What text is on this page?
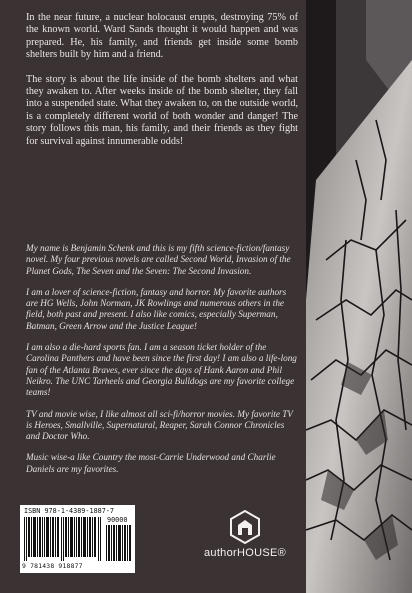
In the near future, a nuclear holocaust erupts, destroying 75% of the known world. Ward Sands thought it would happen and was prepared. He, his family, and friends get inside some bomb shelters built by him and a friend.

The story is about the life inside of the bomb shelters and what they awaken to. After weeks inside of the bomb shelter, they fall into a suspended state. What they awaken to, on the outside world, is a completely different world of both wonder and danger! The story follows this man, his family, and their friends as they fight for survival against innumerable odds!

My name is Benjamin Schenk and this is my fifth science-fiction/fantasy novel. My four previous novels are called Second World, Invasion of the Planet Gods, The Seven and the Seven: The Second Invasion.

I am a lover of science-fiction, fantasy and horror. My favorite authors are HG Wells, John Norman, JK Rowlings and numerous others in the field, both past and present. I also like comics, especially Superman, Batman, Green Arrow and the Justice League!

I am also a die-hard sports fan. I am a season ticket holder of the Carolina Panthers and have been since the first day! I am also a life-long fan of the Atlanta Braves, ever since the days of Hank Aaron and Phil Neikro. The UNC Tarheels and Georgia Bulldogs are my favorite college teams!

TV and movie wise, I like almost all sci-fi/horror movies. My favorite TV is Heroes, Smallville, Supernatural, Reaper, Sarah Connor Chronicles and Doctor Who.

Music wise-a like Country the most-Carrie Underwood and Charlie Daniels are my favorites.

ISBN 978-1-4389-1887-7
90000
9 781438 918877
authorHOUSE®
